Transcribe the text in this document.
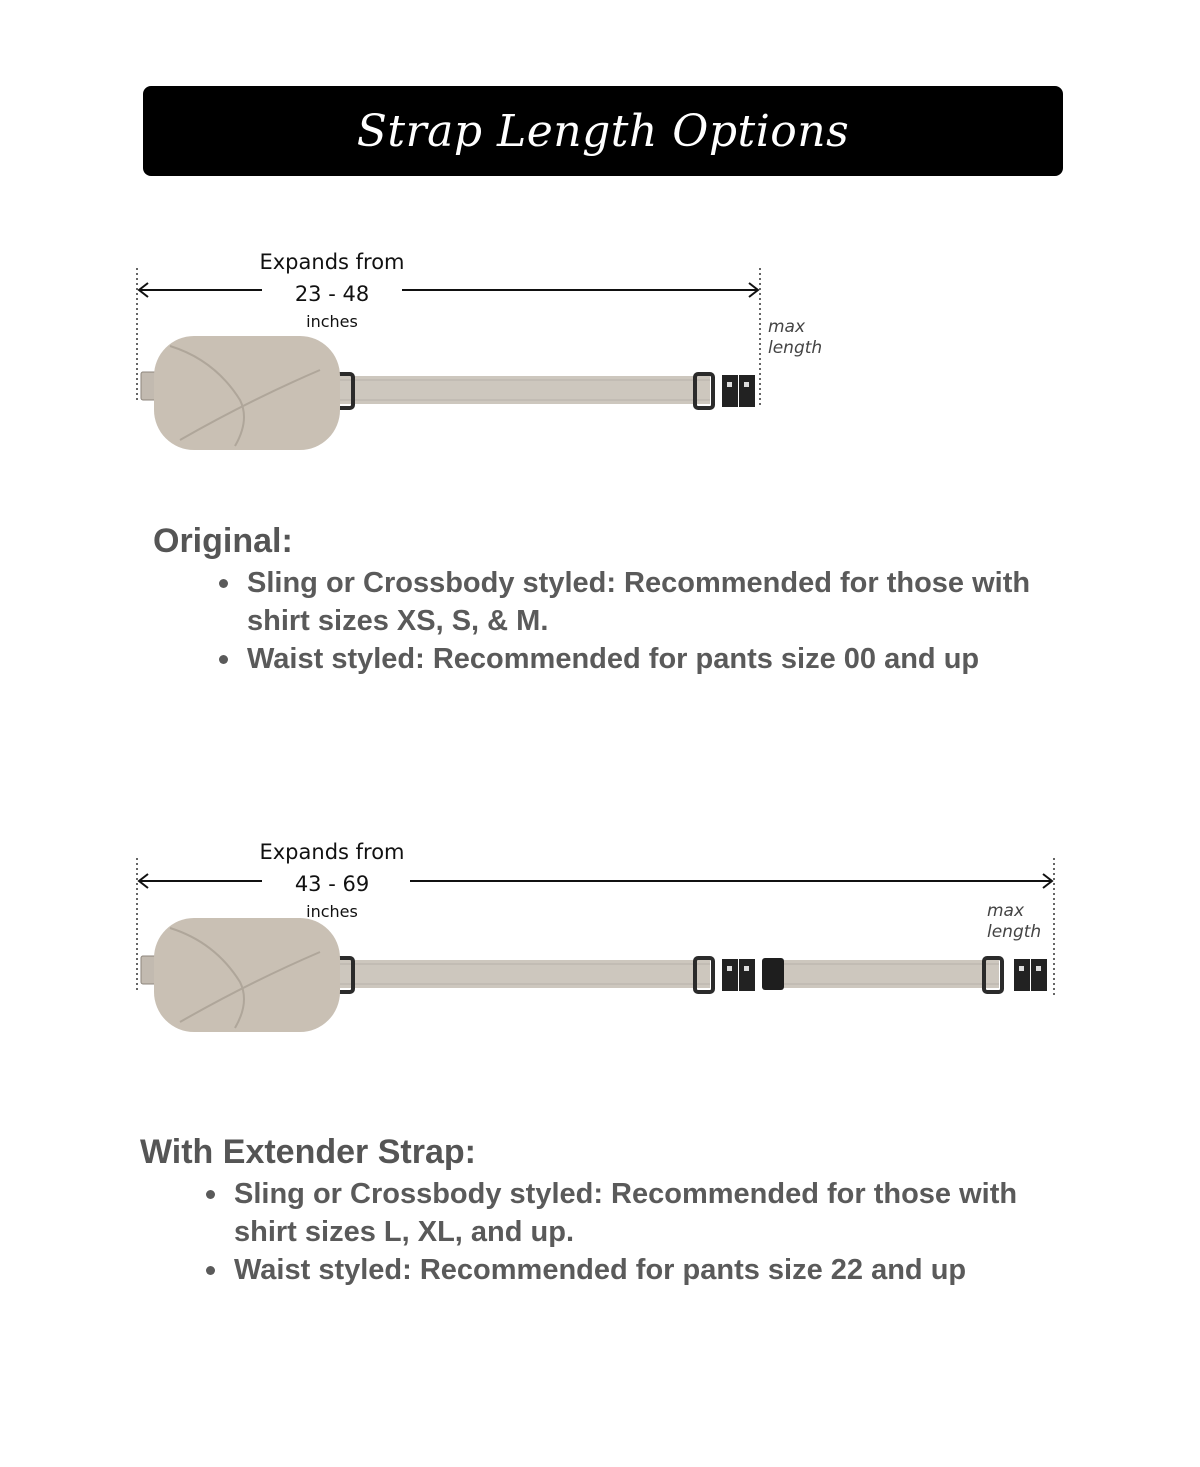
Strap Length Options
Expands from
23 - 48
inches	max
length
Original:
Sling or Crossbody styled: Recommended for those with shirt sizes XS, S, & M.
Waist styled: Recommended for pants size 00 and up
Expands from
43 - 69
inches	max
length
With Extender Strap:
Sling or Crossbody styled: Recommended for those with shirt sizes L, XL, and up.
Waist styled: Recommended for pants size 22 and up
